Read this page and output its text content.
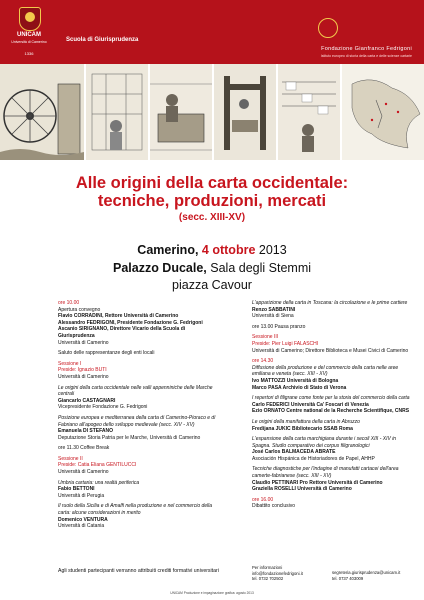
UNICAM
Università di Camerino
1336
Scuola di Giurisprudenza
Fondazione Gianfranco Fedrigoni
Istituto europeo di storia della carta e delle scienze cartarie
Alle origini della carta occidentale:
tecniche, produzioni, mercati
(secc. XIII-XV)
Camerino, 4 ottobre 2013
Palazzo Ducale, Sala degli Stemmi
piazza Cavour
ore 10.00
Apertura convegno
Flavio CORRADINI, Rettore Università di Camerino
Alessandro FEDRIGONI, Presidente Fondazione G. Fedrigoni
Ascanio SIRIGNANO, Direttore Vicario della Scuola di Giurisprudenza
Università di Camerino
Saluto delle rappresentanze degli enti locali
Sessione I
Preside: Ignazio BUTI
Università di Camerino
Le origini della carta occidentale nelle valli appenniniche delle Marche centrali
Giancarlo CASTAGNARI
Vicepresidente Fondazione G. Fedrigoni
Posizione europea e mediterranea della carta di Camerino-Pioraco e di Fabriano all'apogeo dello sviluppo medievale (secc. XIV - XV)
Emanuela DI STEFANO
Deputazione Storia Patria per le Marche, Università di Camerino
ore 11.30 Coffee Break
Sessione II
Preside: Catia Eliana GENTILUCCI
Università di Camerino
Umbria cartaria: una realtà periferica
Fabio BETTONI
Università di Perugia
Il ruolo della Sicilia e di Amalfi nella produzione e nel commercio della carta: alcune considerazioni in merito
Domenico VENTURA
Università di Catania
L'apparizione della carta in Toscana: la circolazione e le prime cartiere
Renzo SABBATINI
Università di Siena
ore 13.00 Pausa pranzo
Sessione III
Preside: Pier Luigi FALASCHI
Università di Camerino; Direttore Biblioteca e Musei Civici di Camerino
ore 14.30
Diffusione della produzione e del commercio della carta nelle aree emiliana e veneta (secc. XIII - XV)
Ivo MATTOZZI Università di Bologna
Marco PASA Archivio di Stato di Verona
I repertori di filigrane come fonte per la storia del commercio della carta
Carlo FEDERICI Università Ca' Foscari di Venezia
Ezio ORNATO Centre national de la Recherche Scientifique, CNRS
Le origini della manifattura della carta in Abruzzo
Fredijana JUKIC Bibliotecario SSAB Roma
L'espansione della carta marchigiana durante i secoli XIII - XIV in Spagna. Studio comparativo dei corpus filigranologici
José Carlos BALMACEDA ABRATE
Asociación Hispánica de Historiadores de Papel, AHHP
Tecniche diagnostiche per l'indagine di manufatti cartacei dell'area camerte-fabrianese (secc. XIII - XV)
Claudio PETTINARI Pro Rettore Università di Camerino
Graziella ROSELLI Università di Camerino
ore 16.00
Dibattito conclusivo
Agli studenti partecipanti verranno attribuiti crediti formativi universitari
Per informazioni
info@fondazionefedrigoni.it
tel. 0732 702502
segreteria.giurisprudenza@unicam.it
tel. 0737 403009
UNICAM Produzione e impaginazione grafica: agosto 2013
